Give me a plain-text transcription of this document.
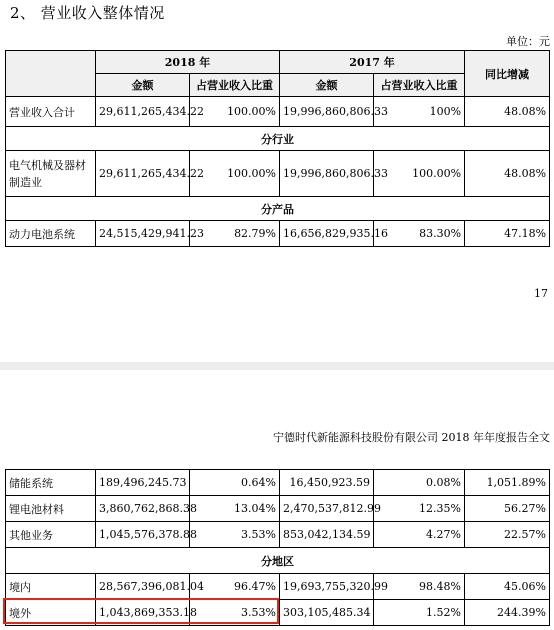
2、 营业收入整体情况
单位：元
	2018 年		2017 年		同比增减
	金额	占营业收入比重	金额	占营业收入比重	
营业收入合计	29,611,265,434.22	100.00%	19,996,860,806.33	100%	48.08%
分行业					
电气机械及器材
制造业	29,611,265,434.22	100.00%	19,996,860,806.33	100.00%	48.08%
分产品					
动力电池系统	24,515,429,941.23	82.79%	16,656,829,935.16	83.30%	47.18%
17
宁德时代新能源科技股份有限公司 2018 年年度报告全文
储能系统	189,496,245.73	0.64%	16,450,923.59	0.08%	1,051.89%
锂电池材料	3,860,762,868.38	13.04%	2,470,537,812.99	12.35%	56.27%
其他业务	1,045,576,378.88	3.53%	853,042,134.59	4.27%	22.57%
分地区					
境内	28,567,396,081.04	96.47%	19,693,755,320.99	98.48%	45.06%
境外	1,043,869,353.18	3.53%	303,105,485.34	1.52%	244.39%
